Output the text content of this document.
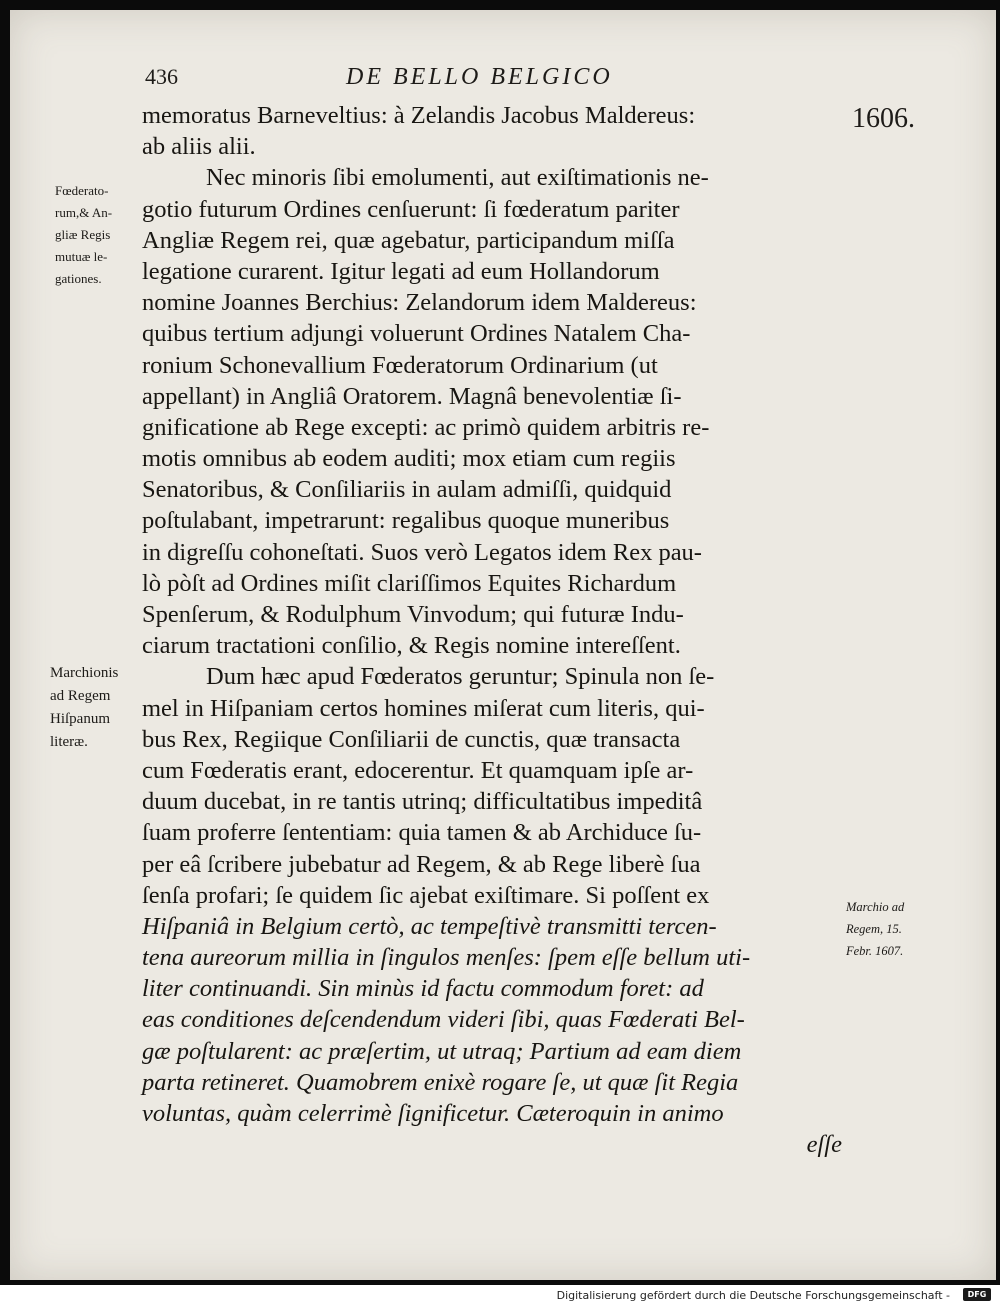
436	DE BELLO BELGICO
1606.
Fœderato-
rum,& An-
gliæ Regis
mutuæ le-
gationes.
Marchionis
ad Regem
Hiſpanum
literæ.
Marchio ad
Regem, 15.
Febr. 1607.
memoratus Barneveltius: à Zelandis Jacobus Maldereus:
ab aliis alii.
Nec minoris ſibi emolumenti, aut exiſtimationis ne-
gotio futurum Ordines cenſuerunt: ſi fœderatum pariter
Angliæ Regem rei, quæ agebatur, participandum miſſa
legatione curarent. Igitur legati ad eum Hollandorum
nomine Joannes Berchius: Zelandorum idem Maldereus:
quibus tertium adjungi voluerunt Ordines Natalem Cha-
ronium Schonevallium Fœderatorum Ordinarium (ut
appellant) in Angliâ Oratorem. Magnâ benevolentiæ ſi-
gnificatione ab Rege excepti: ac primò quidem arbitris re-
motis omnibus ab eodem auditi; mox etiam cum regiis
Senatoribus, & Conſiliariis in aulam admiſſi, quidquid
poſtulabant, impetrarunt: regalibus quoque muneribus
in digreſſu cohoneſtati. Suos verò Legatos idem Rex pau-
lò pòſt ad Ordines miſit clariſſimos Equites Richardum
Spenſerum, & Rodulphum Vinvodum; qui futuræ Indu-
ciarum tractationi conſilio, & Regis nomine intereſſent.
Dum hæc apud Fœderatos geruntur; Spinula non ſe-
mel in Hiſpaniam certos homines miſerat cum literis, qui-
bus Rex, Regiique Conſiliarii de cunctis, quæ transacta
cum Fœderatis erant, edocerentur. Et quamquam ipſe ar-
duum ducebat, in re tantis utrinq; difficultatibus impeditâ
ſuam proferre ſententiam: quia tamen & ab Archiduce ſu-
per eâ ſcribere jubebatur ad Regem, & ab Rege liberè ſua
ſenſa profari; ſe quidem ſic ajebat exiſtimare. Si poſſent ex
Hiſpaniâ in Belgium certò, ac tempeſtivè transmitti tercen-
tena aureorum millia in ſingulos menſes: ſpem eſſe bellum uti-
liter continuandi. Sin minùs id factu commodum foret: ad
eas conditiones deſcendendum videri ſibi, quas Fœderati Bel-
gæ poſtularent: ac præſertim, ut utraq; Partium ad eam diem
parta retineret. Quamobrem enixè rogare ſe, ut quæ ſit Regia
voluntas, quàm celerrimè ſignificetur. Cæteroquin in animo
eſſe
Digitalisierung gefördert durch die Deutsche Forschungsgemeinschaft -	DFG
